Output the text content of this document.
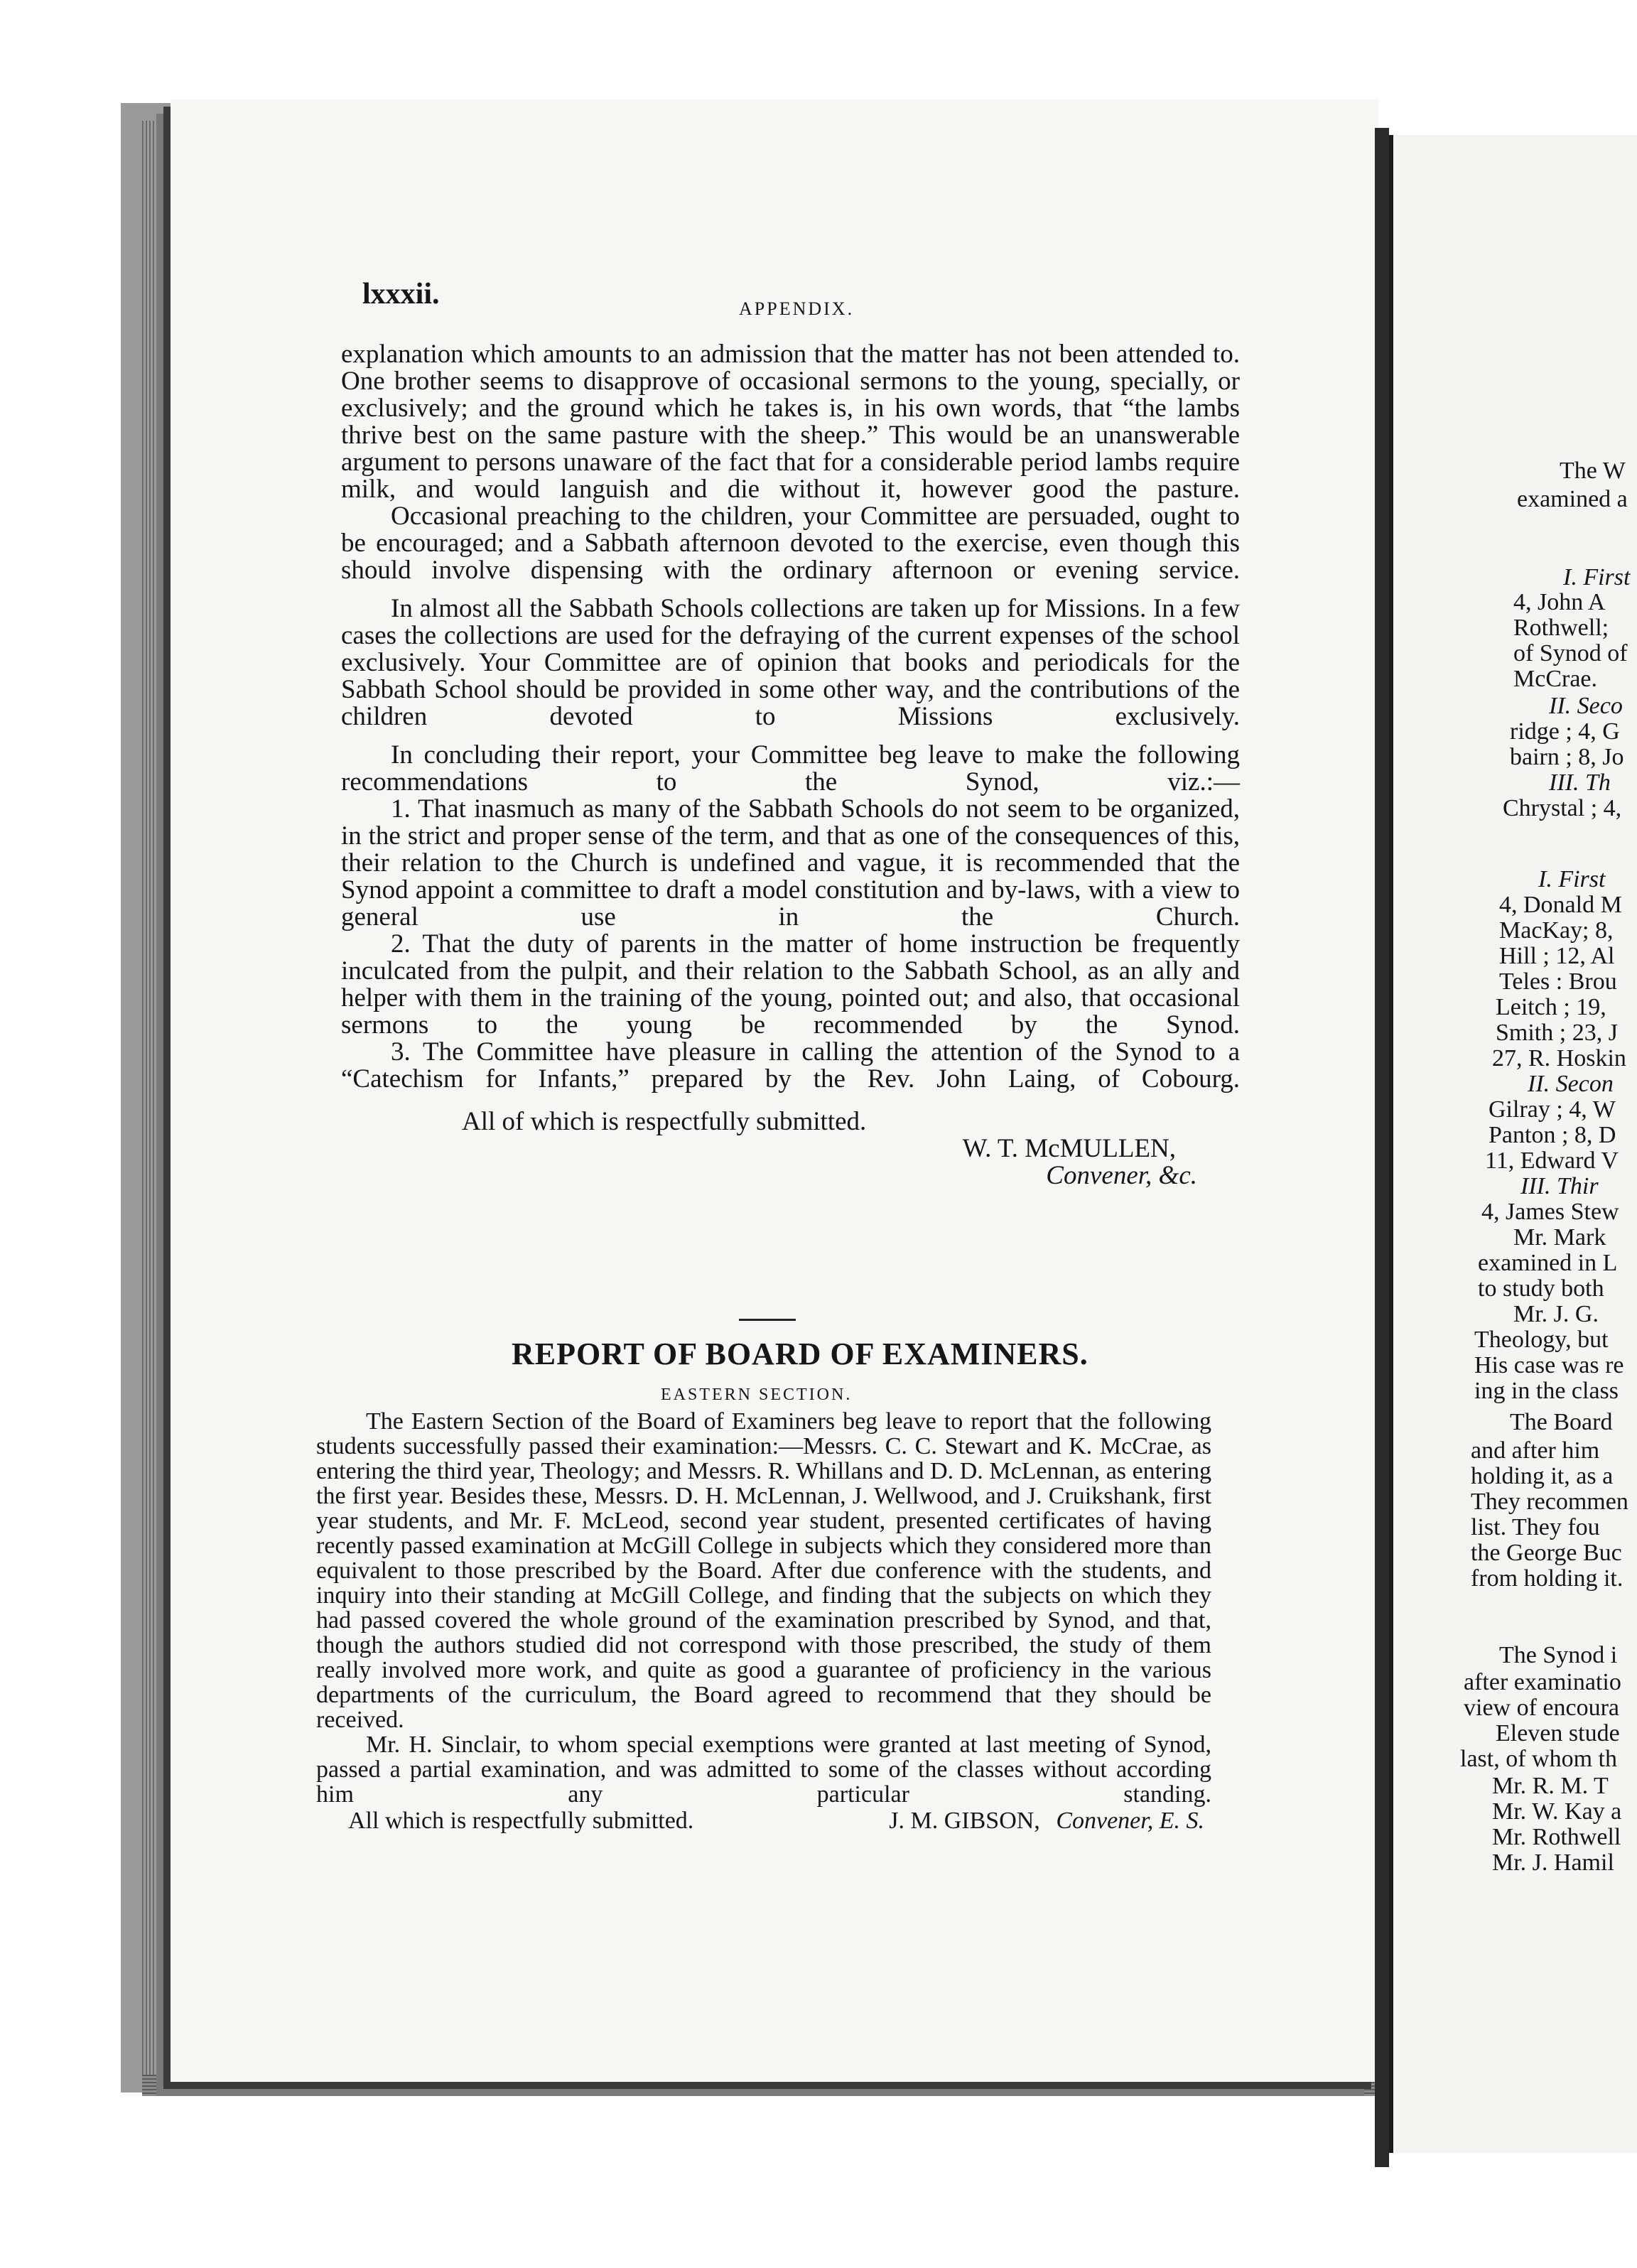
lxxxii.	APPENDIX.

explanation which amounts to an admission that the matter has not been attended to. One brother seems to disapprove of occasional sermons to the young, specially, or exclusively; and the ground which he takes is, in his own words, that “the lambs thrive best on the same pasture with the sheep.” This would be an unanswerable argument to persons unaware of the fact that for a considerable period lambs require milk, and would languish and die without it, however good the pasture.

Occasional preaching to the children, your Committee are persuaded, ought to be encouraged; and a Sabbath afternoon devoted to the exercise, even though this should involve dispensing with the ordinary afternoon or evening service.

In almost all the Sabbath Schools collections are taken up for Missions. In a few cases the collections are used for the defraying of the current expenses of the school exclusively. Your Committee are of opinion that books and periodicals for the Sabbath School should be provided in some other way, and the contributions of the children devoted to Missions exclusively.

In concluding their report, your Committee beg leave to make the following recommendations to the Synod, viz.:—

1. That inasmuch as many of the Sabbath Schools do not seem to be organized, in the strict and proper sense of the term, and that as one of the consequences of this, their relation to the Church is undefined and vague, it is recommended that the Synod appoint a committee to draft a model constitution and by-laws, with a view to general use in the Church.

2. That the duty of parents in the matter of home instruction be frequently inculcated from the pulpit, and their relation to the Sabbath School, as an ally and helper with them in the training of the young, pointed out; and also, that occasional sermons to the young be recommended by the Synod.

3. The Committee have pleasure in calling the attention of the Synod to a “Catechism for Infants,” prepared by the Rev. John Laing, of Cobourg.

All of which is respectfully submitted.

W. T. McMULLEN,

Convener, &c.

REPORT OF BOARD OF EXAMINERS.
EASTERN SECTION.

The Eastern Section of the Board of Examiners beg leave to report that the following students successfully passed their examination:—Messrs. C. C. Stewart and K. McCrae, as entering the third year, Theology; and Messrs. R. Whillans and D. D. McLennan, as entering the first year. Besides these, Messrs. D. H. McLennan, J. Wellwood, and J. Cruikshank, first year students, and Mr. F. McLeod, second year student, presented certificates of having recently passed examination at McGill College in subjects which they considered more than equivalent to those prescribed by the Board. After due conference with the students, and inquiry into their standing at McGill College, and finding that the subjects on which they had passed covered the whole ground of the examination prescribed by Synod, and that, though the authors studied did not correspond with those prescribed, the study of them really involved more work, and quite as good a guarantee of proficiency in the various departments of the curriculum, the Board agreed to recommend that they should be received.

Mr. H. Sinclair, to whom special exemptions were granted at last meeting of Synod, passed a partial examination, and was admitted to some of the classes without according him any particular standing.

All which is respectfully submitted.	J. M. GIBSON, Convener, E. S.
The W
examined a
I. First
4, John A
Rothwell;
of Synod of
McCrae.
II. Seco
ridge ; 4, G
bairn ; 8, Jo
III. Th
Chrystal ; 4,
I. First
4, Donald M
MacKay; 8,
Hill ; 12, Al
Teles : Brou
Leitch ; 19,
Smith ; 23, J
27, R. Hoskin
II. Secon
Gilray ; 4, W
Panton ; 8, D
11, Edward V
III. Thir
4, James Stew
Mr. Mark
examined in L
to study both
Mr. J. G.
Theology, but
His case was re
ing in the class
The Board
and after him
holding it, as a
They recommen
list. They fou
the George Buc
from holding it.
The Synod i
after examinatio
view of encoura
Eleven stude
last, of whom th
Mr. R. M. T
Mr. W. Kay a
Mr. Rothwell
Mr. J. Hamil
